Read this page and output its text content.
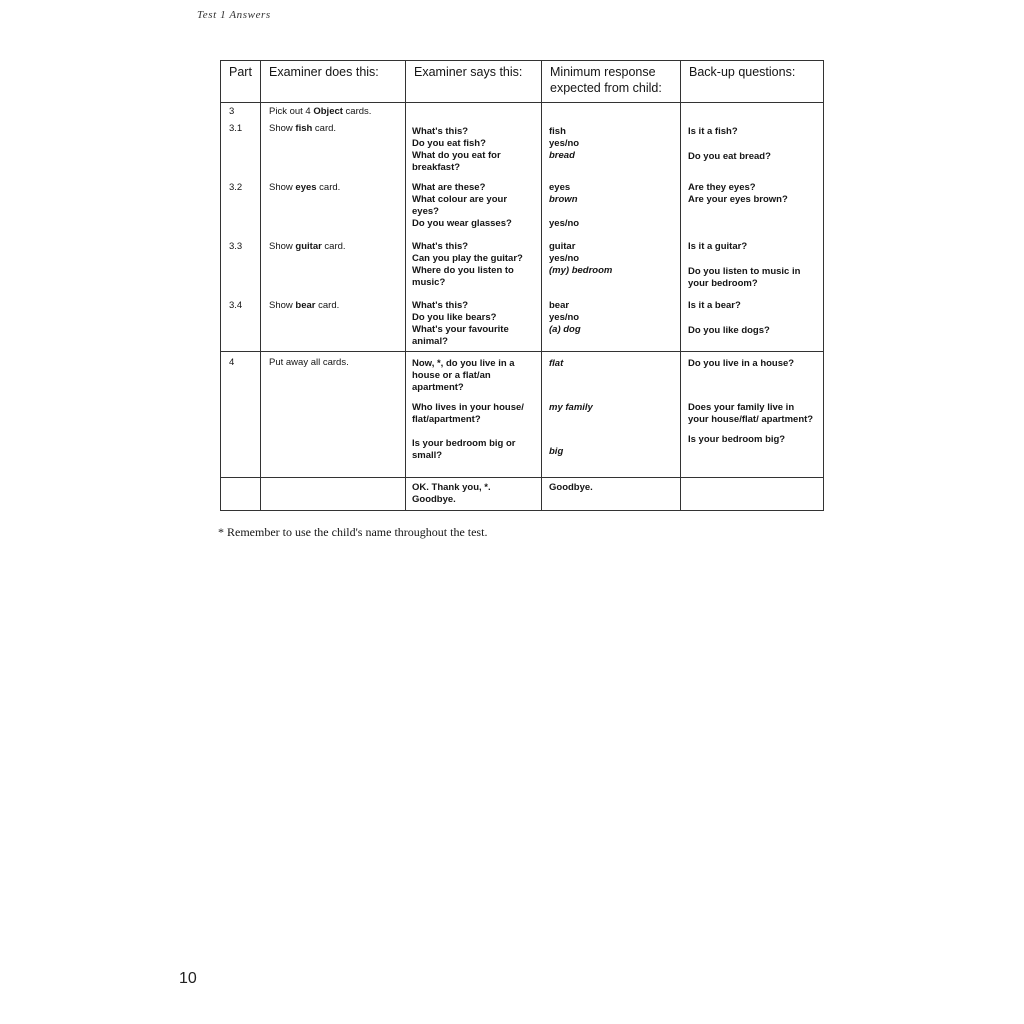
Test 1 Answers
Part	Examiner does this:	Examiner says this:	Minimum response expected from child:	Back-up questions:
3	Pick out 4 Object cards.			
3.1	Show fish card.	What's this?
Do you eat fish?
What do you eat for breakfast?	fish
yes/no
bread	Is it a fish?
Do you eat bread?

3.2	Show eyes card.	What are these?
What colour are your eyes?
Do you wear glasses?	eyes
brown
yes/no	Are they eyes?
Are your eyes brown?

3.3	Show guitar card.	What's this?
Can you play the guitar?
Where do you listen to music?	guitar
yes/no
(my) bedroom	Is it a guitar?
Do you listen to music in your bedroom?

3.4	Show bear card.	What's this?
Do you like bears?
What's your favourite animal?	bear
yes/no
(a) dog	Is it a bear?
Do you like dogs?

4	Put away all cards.	Now, *, do you live in a house or a flat/an apartment?
Who lives in your house/ flat/apartment?
Is your bedroom big or small?	flat
my family
big	Do you live in a house?
Does your family live in your house/flat/ apartment?
Is your bedroom big?

		OK. Thank you, *. Goodbye.	Goodbye.	
* Remember to use the child's name throughout the test.
10
